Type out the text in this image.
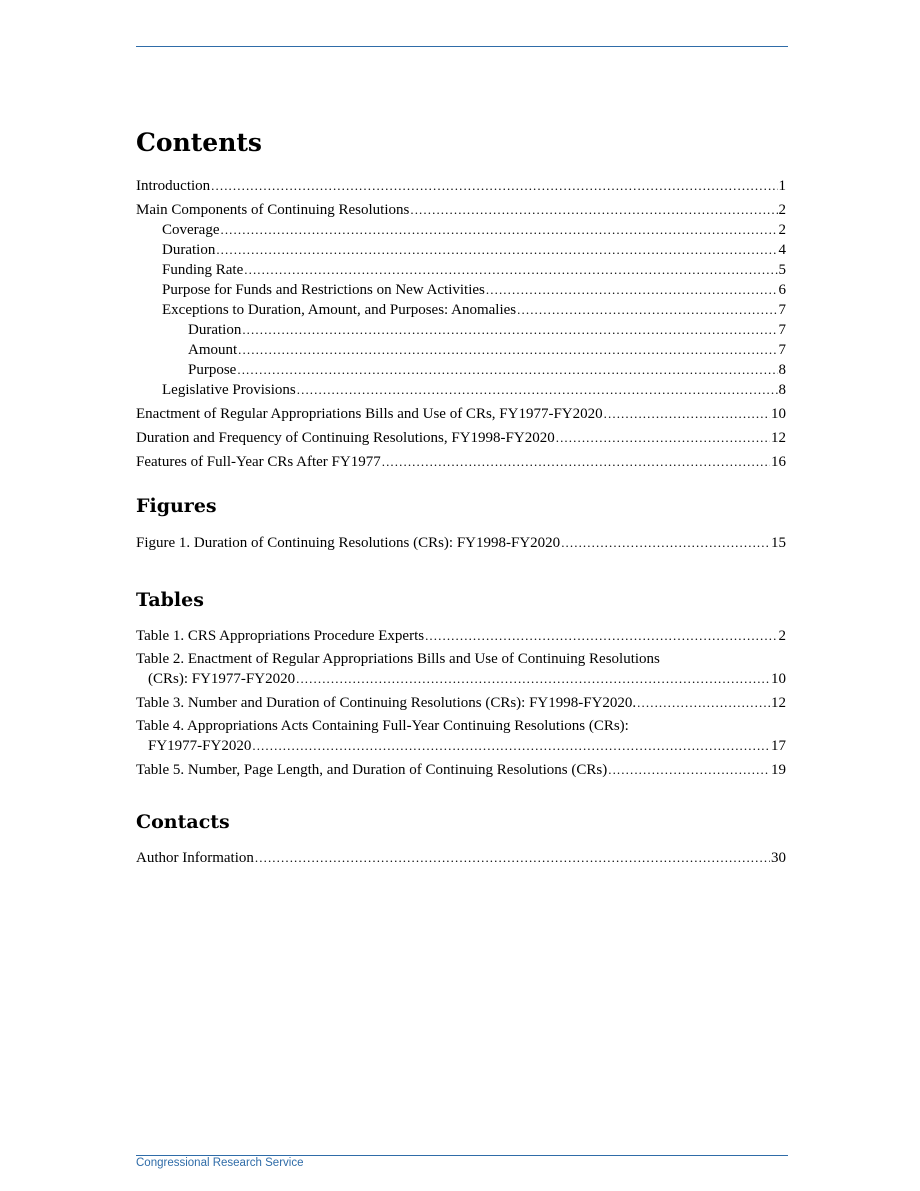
Contents
Introduction .....	1
Main Components of Continuing Resolutions .....	2
Coverage .....	2
Duration .....	4
Funding Rate .....	5
Purpose for Funds and Restrictions on New Activities .....	6
Exceptions to Duration, Amount, and Purposes: Anomalies .....	7
Duration .....	7
Amount .....	7
Purpose .....	8
Legislative Provisions .....	8
Enactment of Regular Appropriations Bills and Use of CRs, FY1977-FY2020 .....	10
Duration and Frequency of Continuing Resolutions, FY1998-FY2020 .....	12
Features of Full-Year CRs After FY1977 .....	16
Figures
Figure 1. Duration of Continuing Resolutions (CRs): FY1998-FY2020 .....	15
Tables
Table 1. CRS Appropriations Procedure Experts .....	2
Table 2. Enactment of Regular Appropriations Bills and Use of Continuing Resolutions
(CRs): FY1977-FY2020 .....	10
Table 3. Number and Duration of Continuing Resolutions (CRs): FY1998-FY2020. .....	12
Table 4. Appropriations Acts Containing Full-Year Continuing Resolutions (CRs):
FY1977-FY2020 .....	17
Table 5. Number, Page Length, and Duration of Continuing Resolutions (CRs) .....	19
Contacts
Author Information .....	30
Congressional Research Service
